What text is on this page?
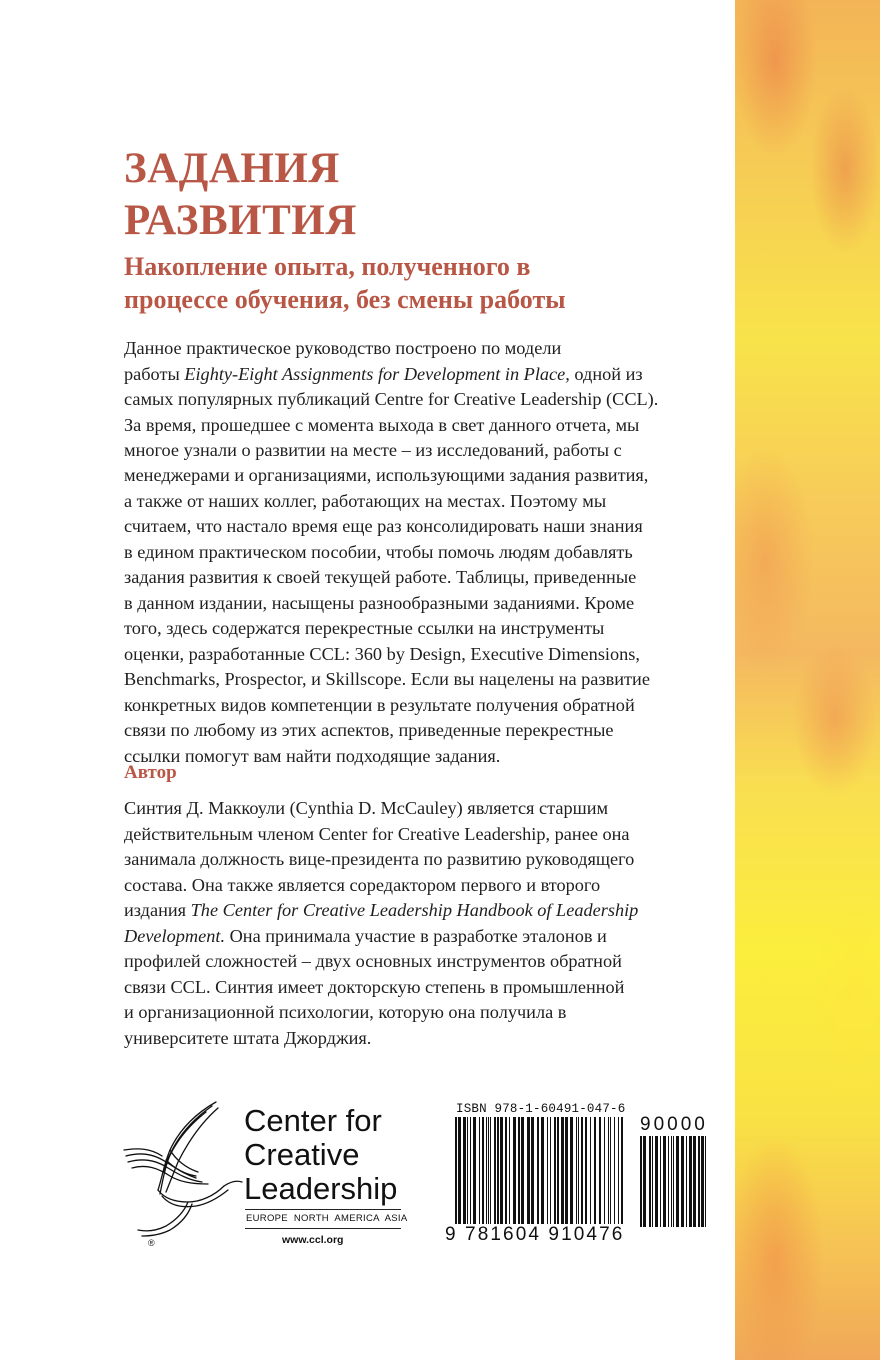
ЗАДАНИЯ
РАЗВИТИЯ
Накопление опыта, полученного в
процессе обучения, без смены работы
Данное практическое руководство построено по модели
работы Eighty-Eight Assignments for Development in Place, одной из
самых популярных публикаций Centre for Creative Leadership (CCL).
За время, прошедшее с момента выхода в свет данного отчета, мы
многое узнали о развитии на месте – из исследований, работы с
менеджерами и организациями, использующими задания развития,
а также от наших коллег, работающих на местах. Поэтому мы
считаем, что настало время еще раз консолидировать наши знания
в едином практическом пособии, чтобы помочь людям добавлять
задания развития к своей текущей работе. Таблицы, приведенные
в данном издании, насыщены разнообразными заданиями. Кроме
того, здесь содержатся перекрестные ссылки на инструменты
оценки, разработанные CCL: 360 by Design, Executive Dimensions,
Benchmarks, Prospector, и Skillscope. Если вы нацелены на развитие
конкретных видов компетенции в результате получения обратной
связи по любому из этих аспектов, приведенные перекрестные
ссылки помогут вам найти подходящие задания.
Автор
Синтия Д. Маккоули (Cynthia D. McCauley) является старшим
действительным членом Center for Creative Leadership, ранее она
занимала должность вице-президента по развитию руководящего
состава. Она также является соредактором первого и второго
издания The Center for Creative Leadership Handbook of Leadership
Development. Она принимала участие в разработке эталонов и
профилей сложностей – двух основных инструментов обратной
связи CCL. Синтия имеет докторскую степень в промышленной
и организационной психологии, которую она получила в
университете штата Джорджия.
®
Center for
Creative
Leadership
EUROPE NORTH AMERICA ASIA
www.ccl.org
ISBN 978-1-60491-047-6
9 781604 910476
90000
